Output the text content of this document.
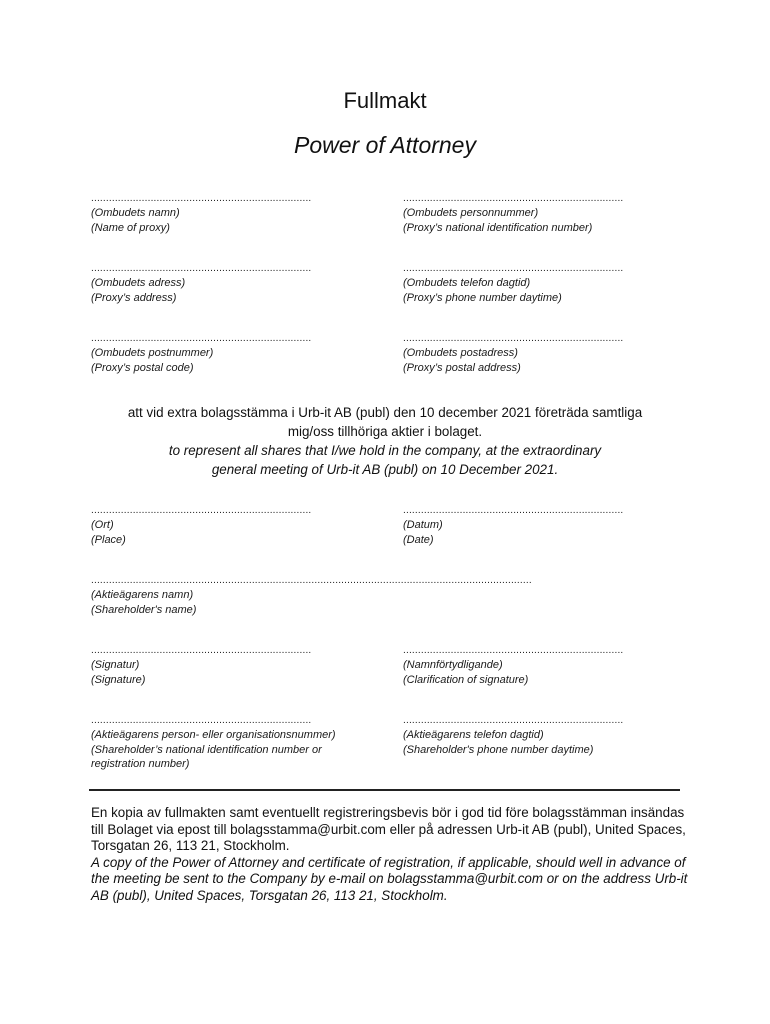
Fullmakt
Power of Attorney
..........................................................................
(Ombudets namn)
(Name of proxy)
..........................................................................
(Ombudets personnummer)
(Proxy’s national identification number)
..........................................................................
(Ombudets adress)
(Proxy’s address)
..........................................................................
(Ombudets telefon dagtid)
(Proxy’s phone number daytime)
..........................................................................
(Ombudets postnummer)
(Proxy’s postal code)
..........................................................................
(Ombudets postadress)
(Proxy’s postal address)
att vid extra bolagsstämma i Urb-it AB (publ) den 10 december 2021 företräda samtliga
mig/oss tillhöriga aktier i bolaget.
to represent all shares that I/we hold in the company, at the extraordinary
general meeting of Urb-it AB (publ) on 10 December 2021.
..........................................................................
(Ort)
(Place)
..........................................................................
(Datum)
(Date)
....................................................................................................................................................
(Aktieägarens namn)
(Shareholder's name)
..........................................................................
(Signatur)
(Signature)
..........................................................................
(Namnförtydligande)
(Clarification of signature)
..........................................................................
(Aktieägarens person- eller organisationsnummer)
(Shareholder’s national identification number or registration number)
..........................................................................
(Aktieägarens telefon dagtid)
(Shareholder's phone number daytime)
En kopia av fullmakten samt eventuellt registreringsbevis bör i god tid före bolagsstämman insändas till Bolaget via epost till bolagsstamma@urbit.com eller på adressen Urb-it AB (publ), United Spaces, Torsgatan 26, 113 21, Stockholm.
A copy of the Power of Attorney and certificate of registration, if applicable, should well in advance of the meeting be sent to the Company by e-mail on bolagsstamma@urbit.com or on the address Urb-it AB (publ), United Spaces, Torsgatan 26, 113 21, Stockholm.
